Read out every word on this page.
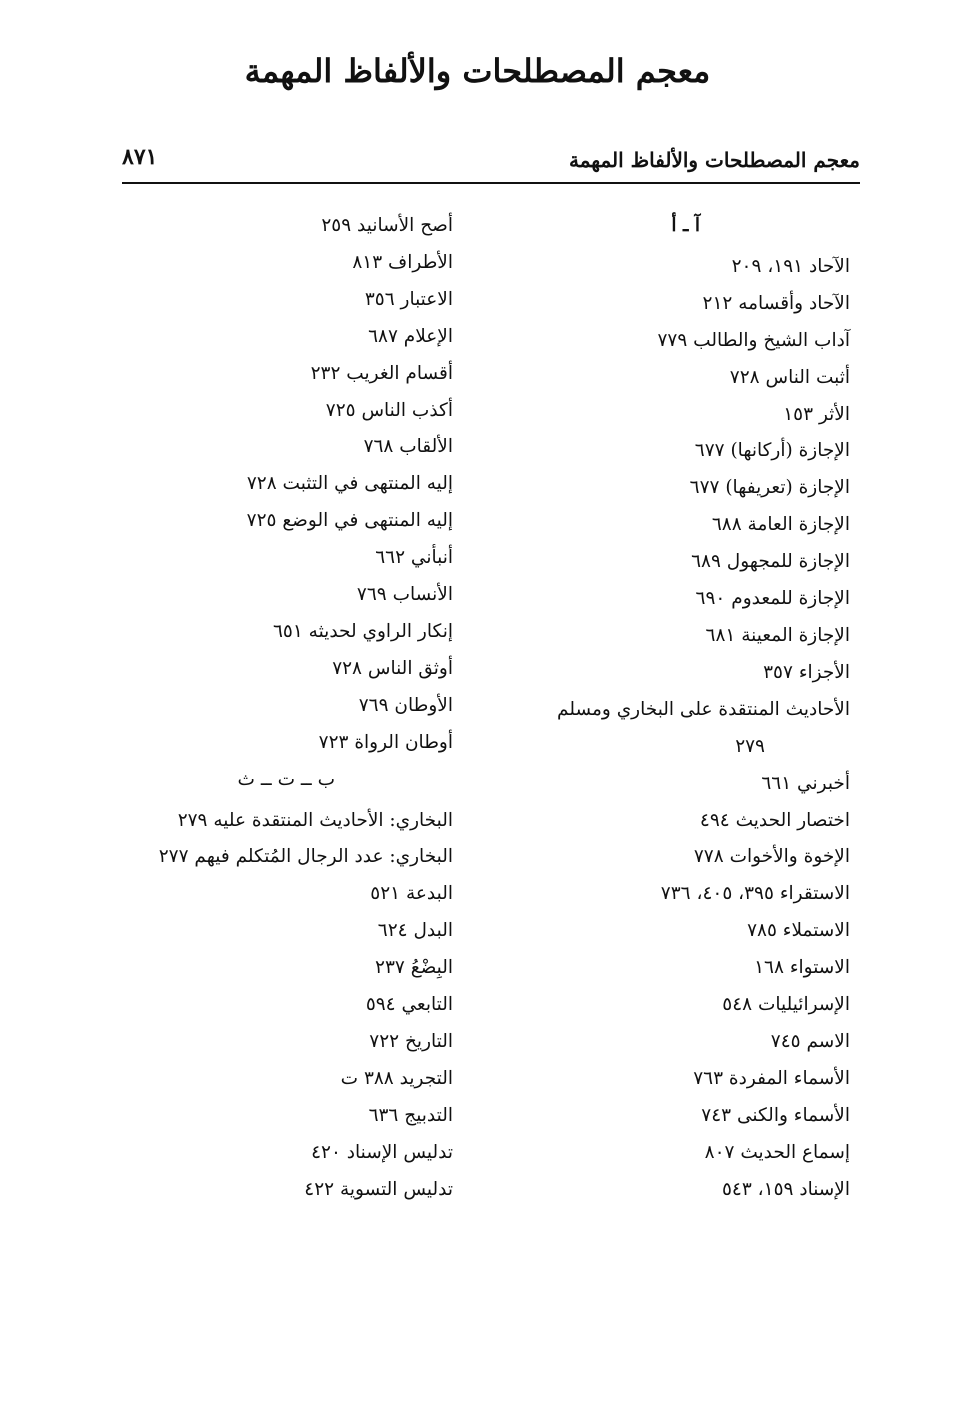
معجم المصطلحات والألفاظ المهمة
معجم المصطلحات والألفاظ المهمة
٨٧١
آ ـ أ
الآحاد ١٩١، ٢٠٩
الآحاد وأقسامه ٢١٢
آداب الشيخ والطالب ٧٧٩
أثبت الناس ٧٢٨
الأثر ١٥٣
الإجازة (أركانها) ٦٧٧
الإجازة (تعريفها) ٦٧٧
الإجازة العامة ٦٨٨
الإجازة للمجهول ٦٨٩
الإجازة للمعدوم ٦٩٠
الإجازة المعينة ٦٨١
الأجزاء ٣٥٧
الأحاديث المنتقدة على البخاري ومسلم
٢٧٩
أخبرني ٦٦١
اختصار الحديث ٤٩٤
الإخوة والأخوات ٧٧٨
الاستقراء ٣٩٥، ٤٠٥، ٧٣٦
الاستملاء ٧٨٥
الاستواء ١٦٨
الإسرائيليات ٥٤٨
الاسم ٧٤٥
الأسماء المفردة ٧٦٣
الأسماء والكنى ٧٤٣
إسماع الحديث ٨٠٧
الإسناد ١٥٩، ٥٤٣
أصح الأسانيد ٢٥٩
الأطراف ٨١٣
الاعتبار ٣٥٦
الإعلام ٦٨٧
أقسام الغريب ٢٣٢
أكذب الناس ٧٢٥
الألقاب ٧٦٨
إليه المنتهى في التثبت ٧٢٨
إليه المنتهى في الوضع ٧٢٥
أنبأني ٦٦٢
الأنساب ٧٦٩
إنكار الراوي لحديثه ٦٥١
أوثق الناس ٧٢٨
الأوطان ٧٦٩
أوطان الرواة ٧٢٣
ب ــ ت ــ ث
البخاري: الأحاديث المنتقدة عليه ٢٧٩
البخاري: عدد الرجال المُتكلم فيهم ٢٧٧
البدعة ٥٢١
البدل ٦٢٤
البِضْعُ ٢٣٧
التابعي ٥٩٤
التاريخ ٧٢٢
التجريد ٣٨٨ ت
التدبيج ٦٣٦
تدليس الإسناد ٤٢٠
تدليس التسوية ٤٢٢
